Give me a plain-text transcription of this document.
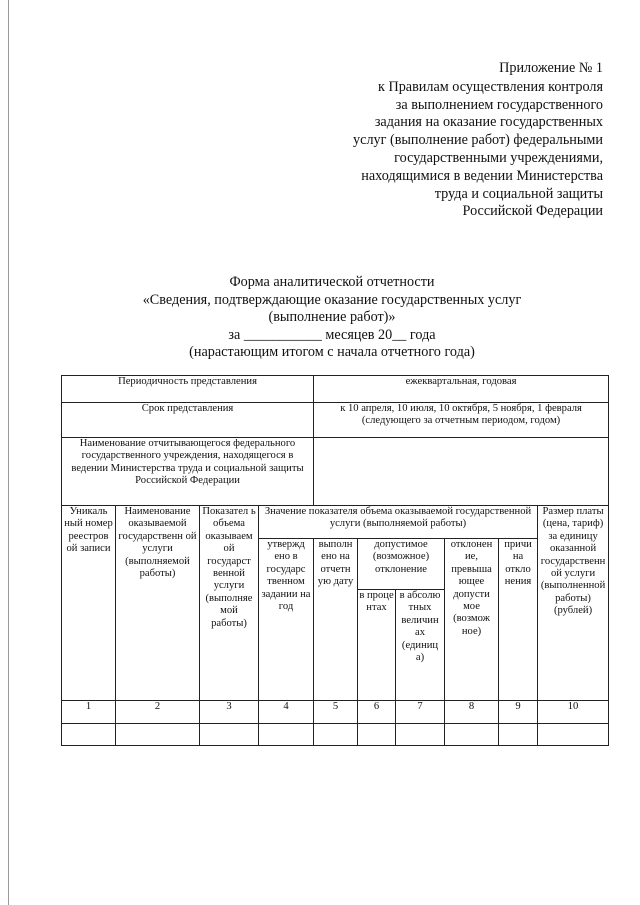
Приложение № 1
к Правилам осуществления контроля
за выполнением государственного
задания на оказание государственных
услуг (выполнение работ) федеральными
государственными учреждениями,
находящимися в ведении Министерства
труда и социальной защиты
Российской Федерации
Форма аналитической отчетности
«Сведения, подтверждающие оказание государственных услуг
(выполнение работ)»
за ___________ месяцев 20__ года
(нарастающим итогом с начала отчетного года)
Периодичность представления				ежеквартальная, годовая					
Срок представления				к 10 апреля, 10 июля, 10 октября, 5 ноября, 1 февраля (следующего за отчетным периодом, годом)					
Наименование отчитывающегося федерального государственного учреждения, находящегося в ведении Министерства труда и социальной защиты Российской Федерации									
Уникаль ный номер реестров ой записи	Наименование оказываемой государственн ой услуги (выполняемой работы)	Показател ь объема оказываем ой государст венной услуги (выполняе мой работы)	Значение показателя объема оказываемой государственной услуги (выполняемой работы)						Размер платы (цена, тариф) за единицу оказанной государственн ой услуги (выполненной работы) (рублей)
			утвержд ено в государс твенном задании на год	выполн ено на отчетн ую дату	допустимое (возможное) отклонение		отклонен ие, превыша ющее допусти мое (возмож ное)	причи на откло нения	
					в проце нтах	в абсолю тных величин ах (единиц а)			
1	2	3	4	5	6	7	8	9	10
